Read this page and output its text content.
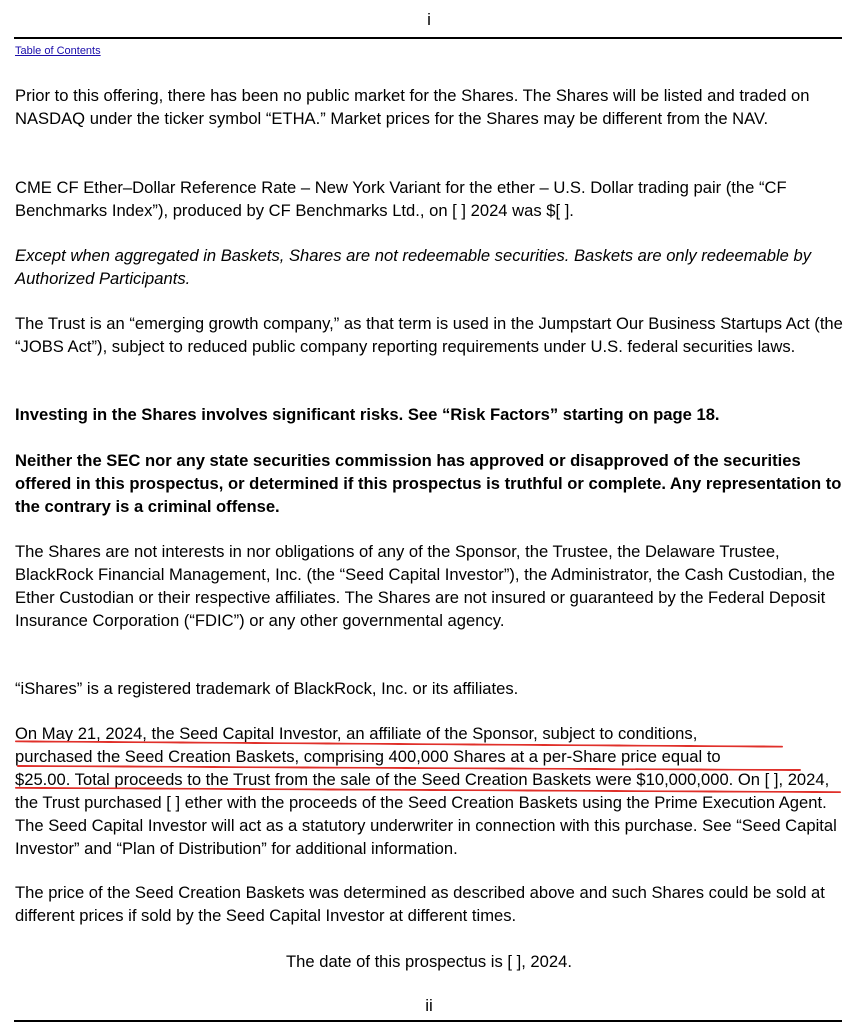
i
Table of Contents

Prior to this offering, there has been no public market for the Shares. The Shares will be listed and traded on NASDAQ under the ticker symbol “ETHA.” Market prices for the Shares may be different from the NAV.

CME CF Ether–Dollar Reference Rate – New York Variant for the ether – U.S. Dollar trading pair (the “CF Benchmarks Index”), produced by CF Benchmarks Ltd., on [ ] 2024 was $[ ].

Except when aggregated in Baskets, Shares are not redeemable securities. Baskets are only redeemable by Authorized Participants.

The Trust is an “emerging growth company,” as that term is used in the Jumpstart Our Business Startups Act (the “JOBS Act”), subject to reduced public company reporting requirements under U.S. federal securities laws.

Investing in the Shares involves significant risks. See “Risk Factors” starting on page 18.

Neither the SEC nor any state securities commission has approved or disapproved of the securities offered in this prospectus, or determined if this prospectus is truthful or complete. Any representation to the contrary is a criminal offense.

The Shares are not interests in nor obligations of any of the Sponsor, the Trustee, the Delaware Trustee, BlackRock Financial Management, Inc. (the “Seed Capital Investor”), the Administrator, the Cash Custodian, the Ether Custodian or their respective affiliates. The Shares are not insured or guaranteed by the Federal Deposit Insurance Corporation (“FDIC”) or any other governmental agency.

“iShares” is a registered trademark of BlackRock, Inc. or its affiliates.

On May 21, 2024, the Seed Capital Investor, an affiliate of the Sponsor, subject to conditions,
purchased the Seed Creation Baskets, comprising 400,000 Shares at a per-Share price equal to
$25.00. Total proceeds to the Trust from the sale of the Seed Creation Baskets were $10,000,000. On [ ], 2024, the Trust purchased [ ] ether with the proceeds of the Seed Creation Baskets using the Prime Execution Agent. The Seed Capital Investor will act as a statutory underwriter in connection with this purchase. See “Seed Capital Investor” and “Plan of Distribution” for additional information.

The price of the Seed Creation Baskets was determined as described above and such Shares could be sold at different prices if sold by the Seed Capital Investor at different times.

The date of this prospectus is [ ], 2024.

ii
